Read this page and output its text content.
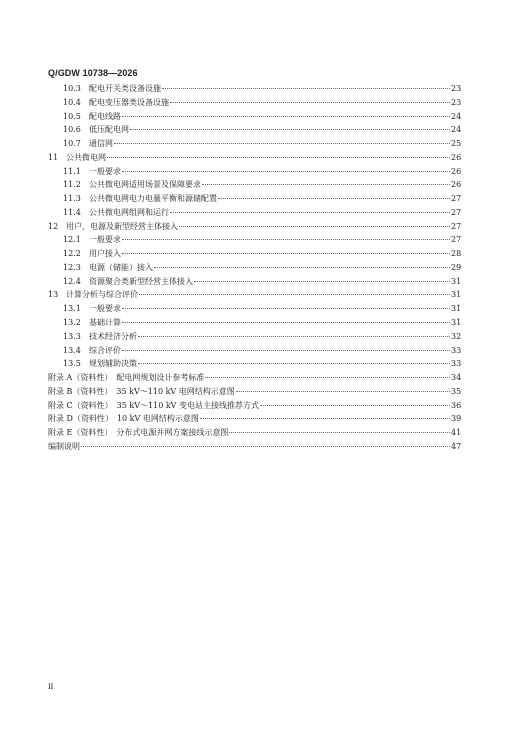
Q/GDW 10738—2026
10.3	配电开关类设备设施	23
10.4	配电变压器类设备设施	23
10.5	配电线路	24
10.6	低压配电网	24
10.7	通信网	25
11 公共微电网	26
11.1	一般要求	26
11.2	公共微电网适用场景及保障要求	26
11.3	公共微电网电力电量平衡和源储配置	27
11.4	公共微电网组网和运行	27
12 用户、电源及新型经营主体接入	27
12.1	一般要求	27
12.2	用户接入	28
12.3	电源（储能）接入	29
12.4	资源聚合类新型经营主体接入	31
13 计算分析与综合评价	31
13.1	一般要求	31
13.2	基础计算	31
13.3	技术经济分析	32
13.4	综合评价	33
13.5	规划辅助决策	33
附录 A（资料性）　配电网规划设计参考标准	34
附录 B（资料性）　35 kV～110 kV 电网结构示意图	35
附录 C（资料性）　35 kV～110 kV 变电站主接线推荐方式	36
附录 D（资料性）　10 kV 电网结构示意图	39
附录 E（资料性）　分布式电源并网方案接线示意图	41
编制说明	47
II
